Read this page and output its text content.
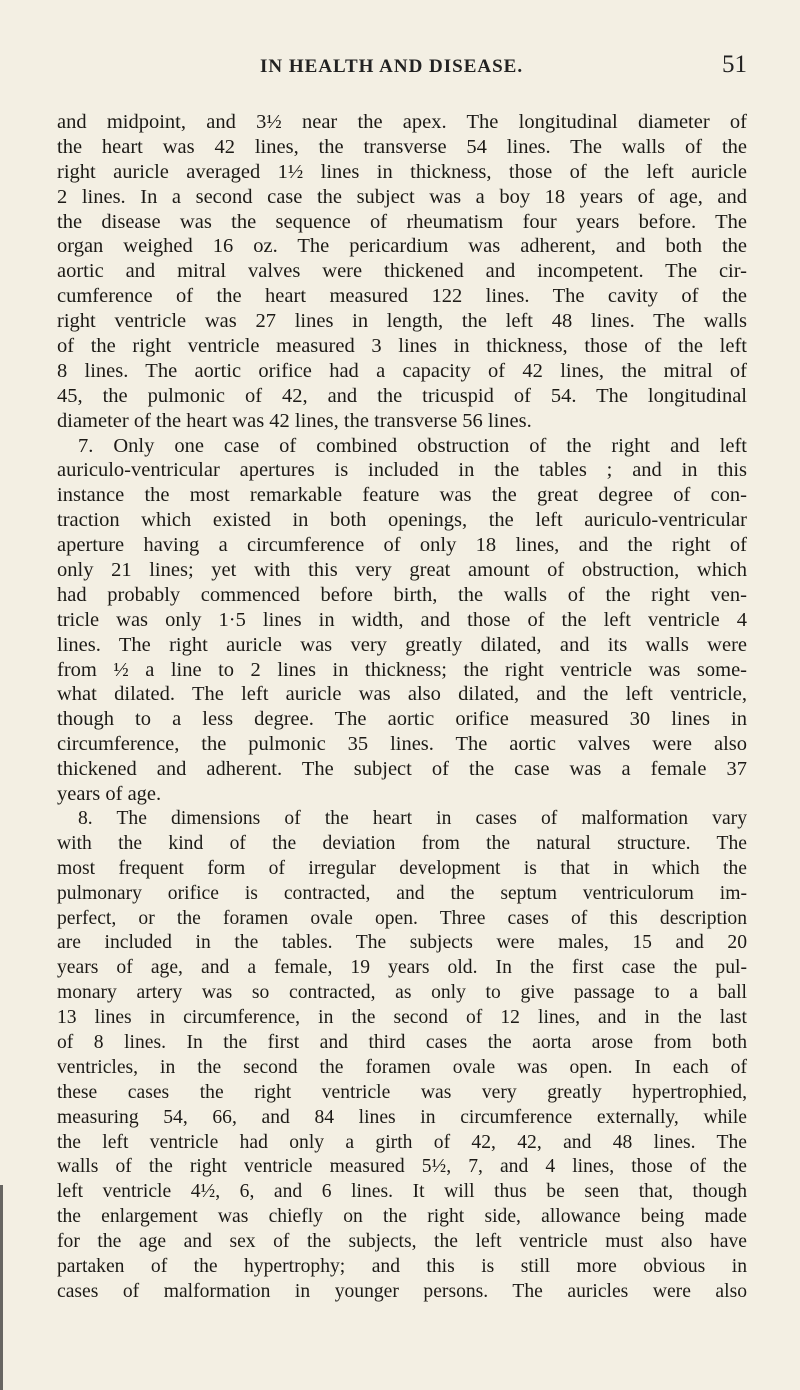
IN HEALTH AND DISEASE.	51
and midpoint, and 3½ near the apex. The longitudinal diameter of
the heart was 42 lines, the transverse 54 lines. The walls of the
right auricle averaged 1½ lines in thickness, those of the left auricle
2 lines. In a second case the subject was a boy 18 years of age, and
the disease was the sequence of rheumatism four years before. The
organ weighed 16 oz. The pericardium was adherent, and both the
aortic and mitral valves were thickened and incompetent. The cir-
cumference of the heart measured 122 lines. The cavity of the
right ventricle was 27 lines in length, the left 48 lines. The walls
of the right ventricle measured 3 lines in thickness, those of the left
8 lines. The aortic orifice had a capacity of 42 lines, the mitral of
45, the pulmonic of 42, and the tricuspid of 54. The longitudinal
diameter of the heart was 42 lines, the transverse 56 lines.
7. Only one case of combined obstruction of the right and left
auriculo-ventricular apertures is included in the tables ; and in this
instance the most remarkable feature was the great degree of con-
traction which existed in both openings, the left auriculo-ventricular
aperture having a circumference of only 18 lines, and the right of
only 21 lines; yet with this very great amount of obstruction, which
had probably commenced before birth, the walls of the right ven-
tricle was only 1·5 lines in width, and those of the left ventricle 4
lines. The right auricle was very greatly dilated, and its walls were
from ½ a line to 2 lines in thickness; the right ventricle was some-
what dilated. The left auricle was also dilated, and the left ventricle,
though to a less degree. The aortic orifice measured 30 lines in
circumference, the pulmonic 35 lines. The aortic valves were also
thickened and adherent. The subject of the case was a female 37
years of age.
8. The dimensions of the heart in cases of malformation vary
with the kind of the deviation from the natural structure. The
most frequent form of irregular development is that in which the
pulmonary orifice is contracted, and the septum ventriculorum im-
perfect, or the foramen ovale open. Three cases of this description
are included in the tables. The subjects were males, 15 and 20
years of age, and a female, 19 years old. In the first case the pul-
monary artery was so contracted, as only to give passage to a ball
13 lines in circumference, in the second of 12 lines, and in the last
of 8 lines. In the first and third cases the aorta arose from both
ventricles, in the second the foramen ovale was open. In each of
these cases the right ventricle was very greatly hypertrophied,
measuring 54, 66, and 84 lines in circumference externally, while
the left ventricle had only a girth of 42, 42, and 48 lines. The
walls of the right ventricle measured 5½, 7, and 4 lines, those of the
left ventricle 4½, 6, and 6 lines. It will thus be seen that, though
the enlargement was chiefly on the right side, allowance being made
for the age and sex of the subjects, the left ventricle must also have
partaken of the hypertrophy; and this is still more obvious in
cases of malformation in younger persons. The auricles were also
